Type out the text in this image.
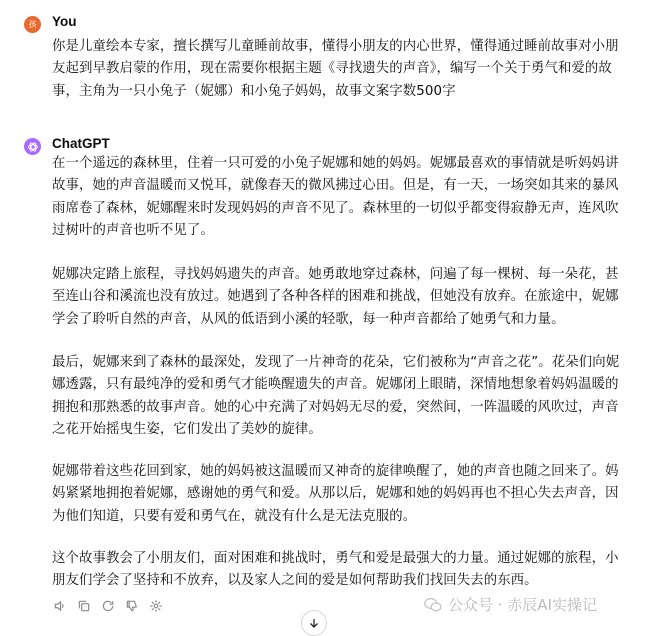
孩 You
你是儿童绘本专家，擅长撰写儿童睡前故事，懂得小朋友的内心世界，懂得通过睡前故事对小朋友起到早教启蒙的作用，现在需要你根据主题《寻找遗失的声音》，编写一个关于勇气和爱的故事，主角为一只小兔子（妮娜）和小兔子妈妈，故事文案字数500字
ChatGPT

在一个遥远的森林里，住着一只可爱的小兔子妮娜和她的妈妈。妮娜最喜欢的事情就是听妈妈讲故事，她的声音温暖而又悦耳，就像春天的微风拂过心田。但是，有一天，一场突如其来的暴风雨席卷了森林，妮娜醒来时发现妈妈的声音不见了。森林里的一切似乎都变得寂静无声，连风吹过树叶的声音也听不见了。

妮娜决定踏上旅程，寻找妈妈遗失的声音。她勇敢地穿过森林，问遍了每一棵树、每一朵花，甚至连山谷和溪流也没有放过。她遇到了各种各样的困难和挑战，但她没有放弃。在旅途中，妮娜学会了聆听自然的声音，从风的低语到小溪的轻歌，每一种声音都给了她勇气和力量。

最后，妮娜来到了森林的最深处，发现了一片神奇的花朵，它们被称为“声音之花”。花朵们向妮娜透露，只有最纯净的爱和勇气才能唤醒遗失的声音。妮娜闭上眼睛，深情地想象着妈妈温暖的拥抱和那熟悉的故事声音。她的心中充满了对妈妈无尽的爱，突然间，一阵温暖的风吹过，声音之花开始摇曳生姿，它们发出了美妙的旋律。

妮娜带着这些花回到家，她的妈妈被这温暖而又神奇的旋律唤醒了，她的声音也随之回来了。妈妈紧紧地拥抱着妮娜，感谢她的勇气和爱。从那以后，妮娜和她的妈妈再也不担心失去声音，因为他们知道，只要有爱和勇气在，就没有什么是无法克服的。

这个故事教会了小朋友们，面对困难和挑战时，勇气和爱是最强大的力量。通过妮娜的旅程，小朋友们学会了坚持和不放弃，以及家人之间的爱是如何帮助我们找回失去的东西。

公众号 · 赤辰AI实操记
